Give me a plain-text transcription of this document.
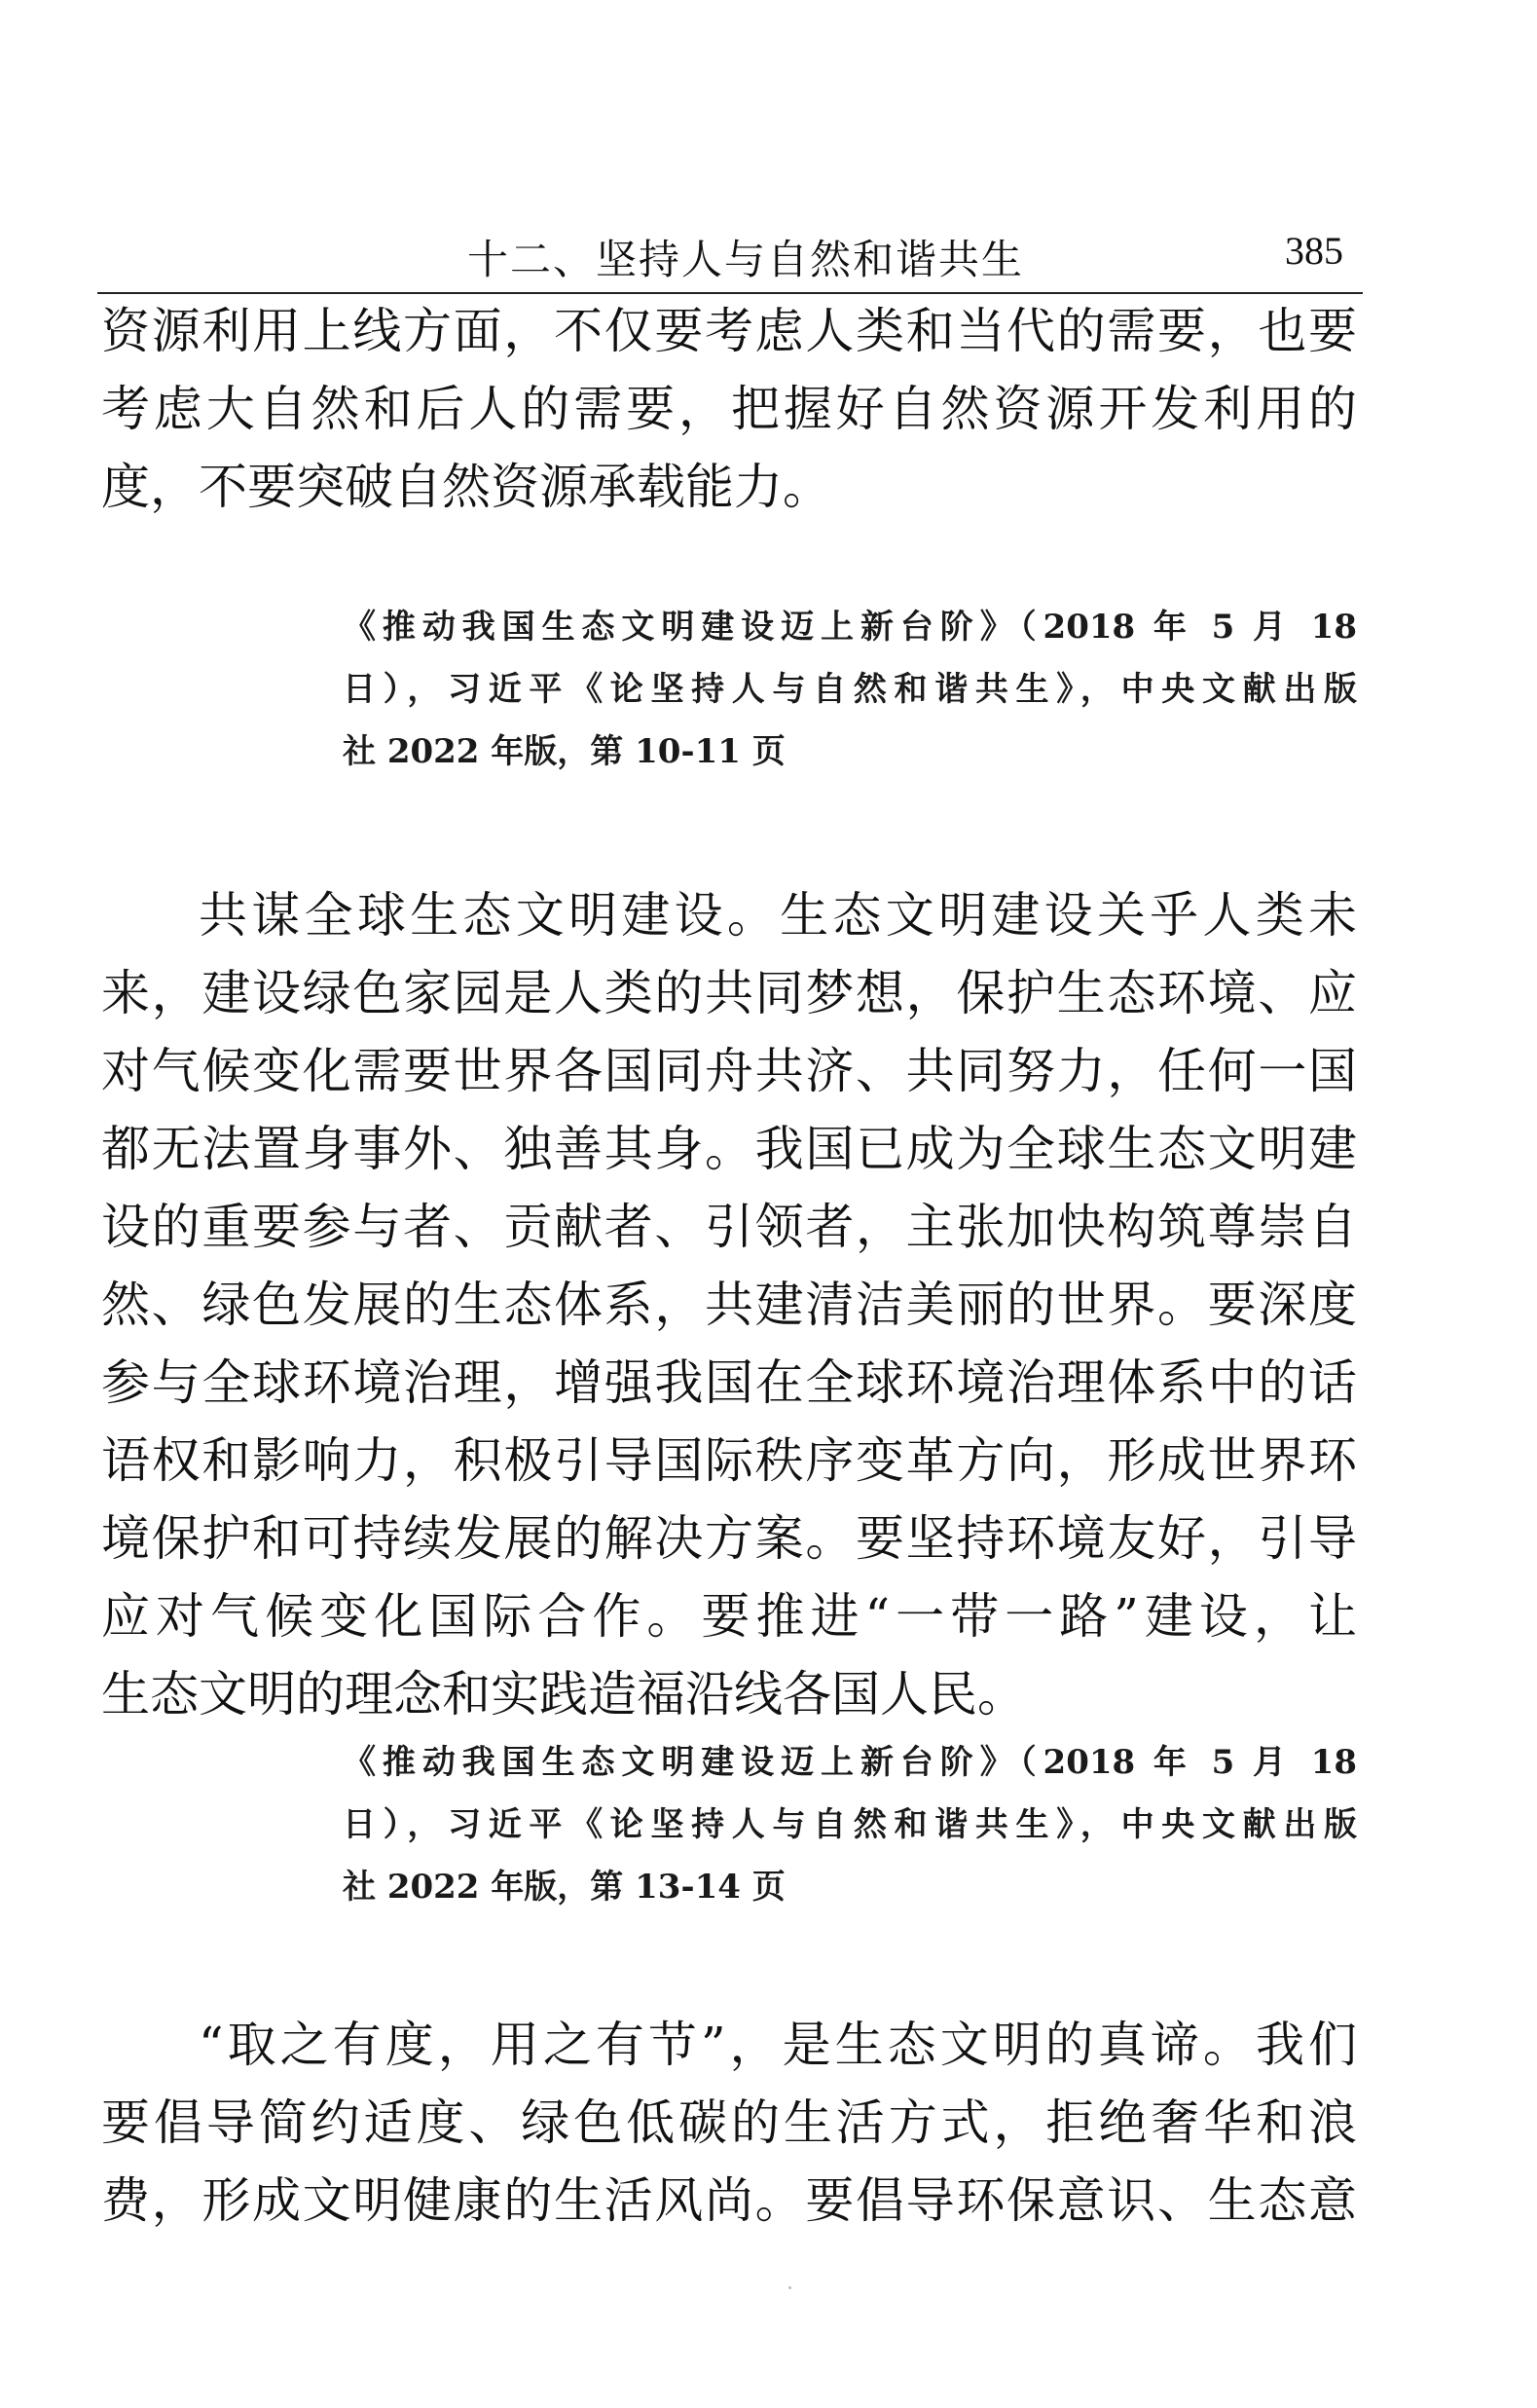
十二、坚持人与自然和谐共生	385
资源利用上线方面，不仅要考虑人类和当代的需要，也要
考虑大自然和后人的需要，把握好自然资源开发利用的
度，不要突破自然资源承载能力。
《推动我国生态文明建设迈上新台阶》（2018 年 5 月 18
日），习近平《论坚持人与自然和谐共生》，中央文献出版
社 2022 年版，第 10-11 页
共谋全球生态文明建设。生态文明建设关乎人类未
来，建设绿色家园是人类的共同梦想，保护生态环境、应
对气候变化需要世界各国同舟共济、共同努力，任何一国
都无法置身事外、独善其身。我国已成为全球生态文明建
设的重要参与者、贡献者、引领者，主张加快构筑尊崇自
然、绿色发展的生态体系，共建清洁美丽的世界。要深度
参与全球环境治理，增强我国在全球环境治理体系中的话
语权和影响力，积极引导国际秩序变革方向，形成世界环
境保护和可持续发展的解决方案。要坚持环境友好，引导
应对气候变化国际合作。要推进“一带一路”建设，让
生态文明的理念和实践造福沿线各国人民。
《推动我国生态文明建设迈上新台阶》（2018 年 5 月 18
日），习近平《论坚持人与自然和谐共生》，中央文献出版
社 2022 年版，第 13-14 页
“取之有度，用之有节”，是生态文明的真谛。我们
要倡导简约适度、绿色低碳的生活方式，拒绝奢华和浪
费，形成文明健康的生活风尚。要倡导环保意识、生态意
